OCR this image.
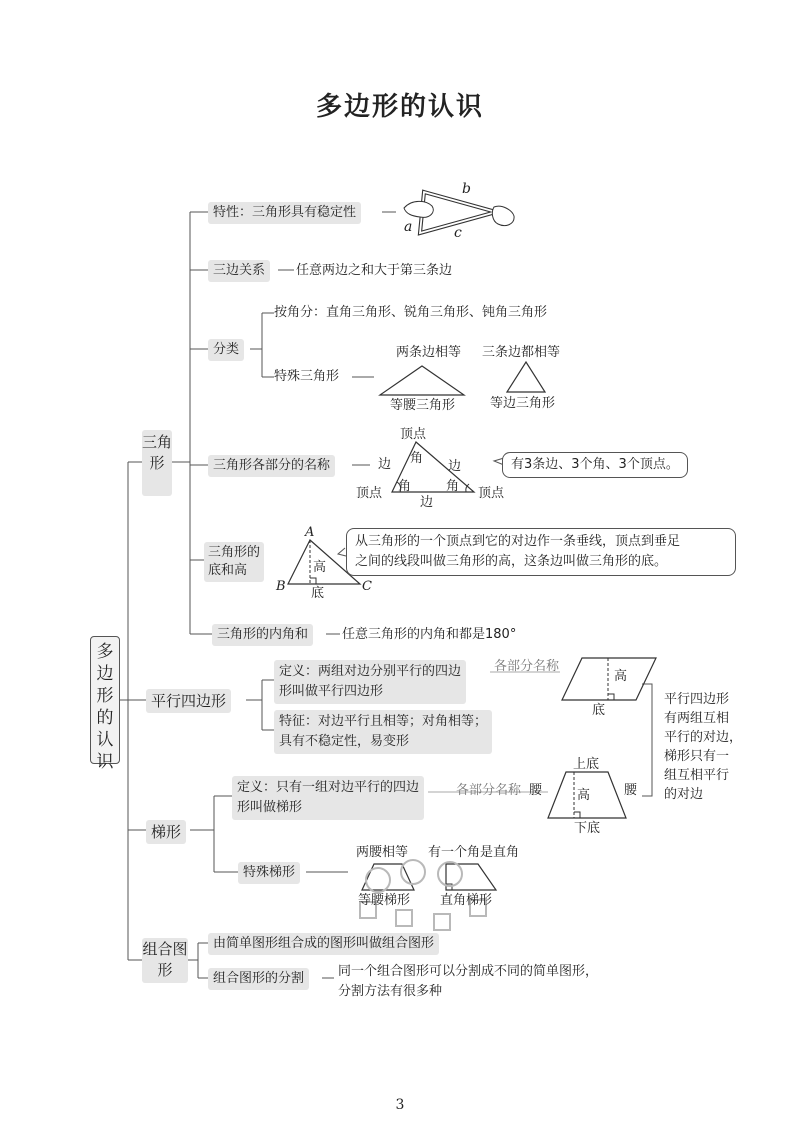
多边形的认识
多边形的认识
三角形
特性：三角形具有稳定性
b
a	c
三边关系	任意两边之和大于第三条边
分类
按角分：直角三角形、锐角三角形、钝角三角形
特殊三角形
两条边相等 三条边都相等
等腰三角形	等边三角形
三角形各部分的名称
顶点
边	边
角
角	角
边
顶点	顶点
有3条边、3个角、3个顶点。
三角形的
底和高
A
B	C
高
底
从三角形的一个顶点到它的对边作一条垂线，顶点到垂足
之间的线段叫做三角形的高，这条边叫做三角形的底。
三角形的内角和	任意三角形的内角和都是180°
平行四边形
定义：两组对边分别平行的四边
形叫做平行四边形
各部分名称
高
底
特征：对边平行且相等；对角相等；
具有不稳定性，易变形
平行四边形
有两组互相
平行的对边，
梯形只有一
组互相平行
的对边
梯形
定义：只有一组对边平行的四边
形叫做梯形
各部分名称
上底
下底
腰	腰
高
特殊梯形
两腰相等 有一个角是直角
等腰梯形 直角梯形
组合图形
由简单图形组合成的图形叫做组合图形
组合图形的分割	同一个组合图形可以分割成不同的简单图形，
分割方法有很多种
3
